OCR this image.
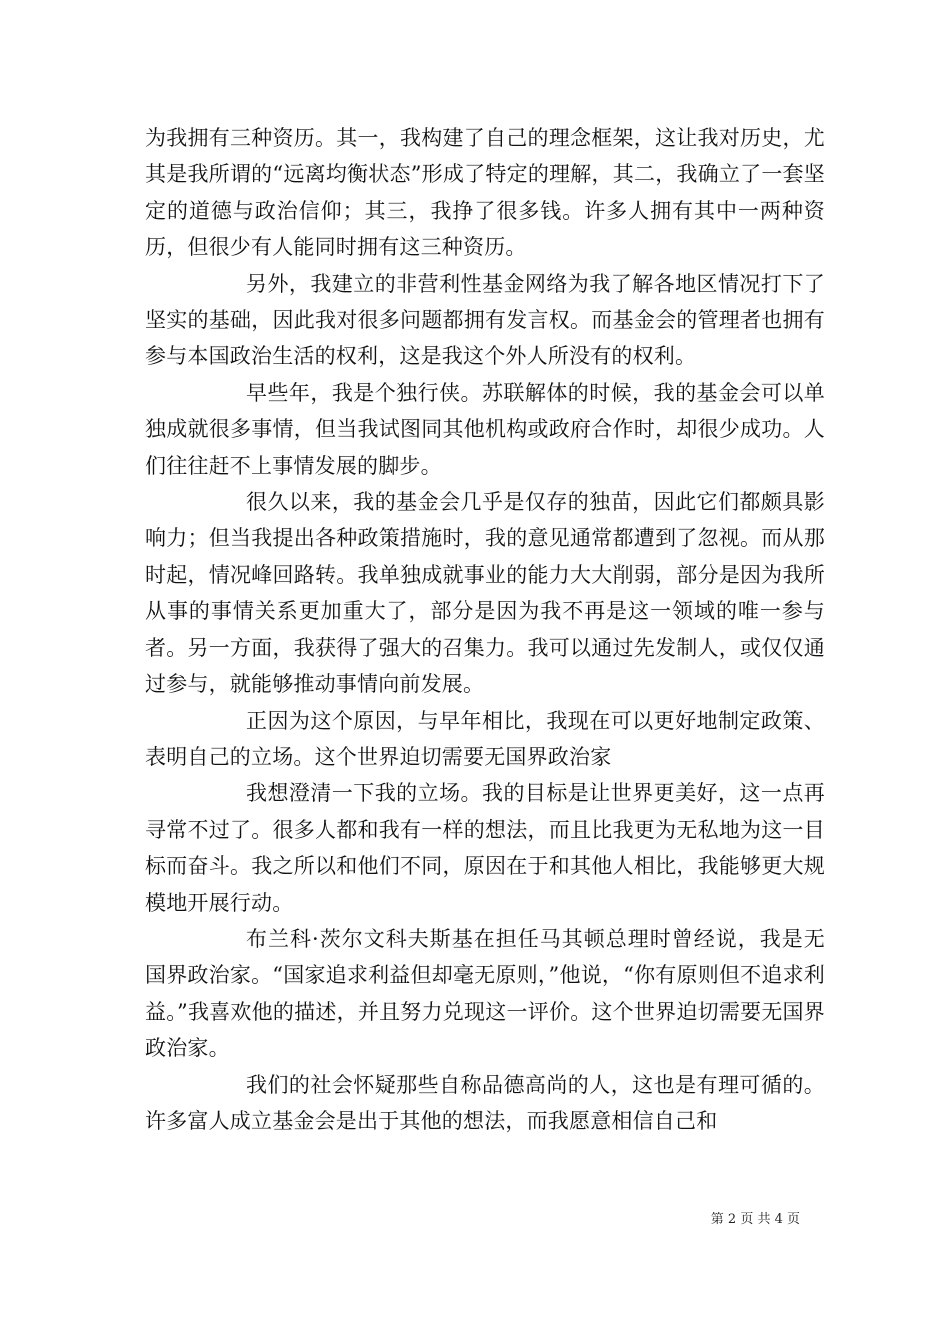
为我拥有三种资历。其一，我构建了自己的理念框架，这让我对历史，尤其是我所谓的“远离均衡状态”形成了特定的理解，其二，我确立了一套坚定的道德与政治信仰；其三，我挣了很多钱。许多人拥有其中一两种资历，但很少有人能同时拥有这三种资历。

另外，我建立的非营利性基金网络为我了解各地区情况打下了坚实的基础，因此我对很多问题都拥有发言权。而基金会的管理者也拥有参与本国政治生活的权利，这是我这个外人所没有的权利。

早些年，我是个独行侠。苏联解体的时候，我的基金会可以单独成就很多事情，但当我试图同其他机构或政府合作时，却很少成功。人们往往赶不上事情发展的脚步。

很久以来，我的基金会几乎是仅存的独苗，因此它们都颇具影响力；但当我提出各种政策措施时，我的意见通常都遭到了忽视。而从那时起，情况峰回路转。我单独成就事业的能力大大削弱，部分是因为我所从事的事情关系更加重大了，部分是因为我不再是这一领域的唯一参与者。另一方面，我获得了强大的召集力。我可以通过先发制人，或仅仅通过参与，就能够推动事情向前发展。

正因为这个原因，与早年相比，我现在可以更好地制定政策、表明自己的立场。这个世界迫切需要无国界政治家

我想澄清一下我的立场。我的目标是让世界更美好，这一点再寻常不过了。很多人都和我有一样的想法，而且比我更为无私地为这一目标而奋斗。我之所以和他们不同，原因在于和其他人相比，我能够更大规模地开展行动。

布兰科·茨尔文科夫斯基在担任马其顿总理时曾经说，我是无国界政治家。“国家追求利益但却毫无原则，”他说，“你有原则但不追求利益。”我喜欢他的描述，并且努力兑现这一评价。这个世界迫切需要无国界政治家。

我们的社会怀疑那些自称品德高尚的人，这也是有理可循的。许多富人成立基金会是出于其他的想法，而我愿意相信自己和

第 2 页 共 4 页
